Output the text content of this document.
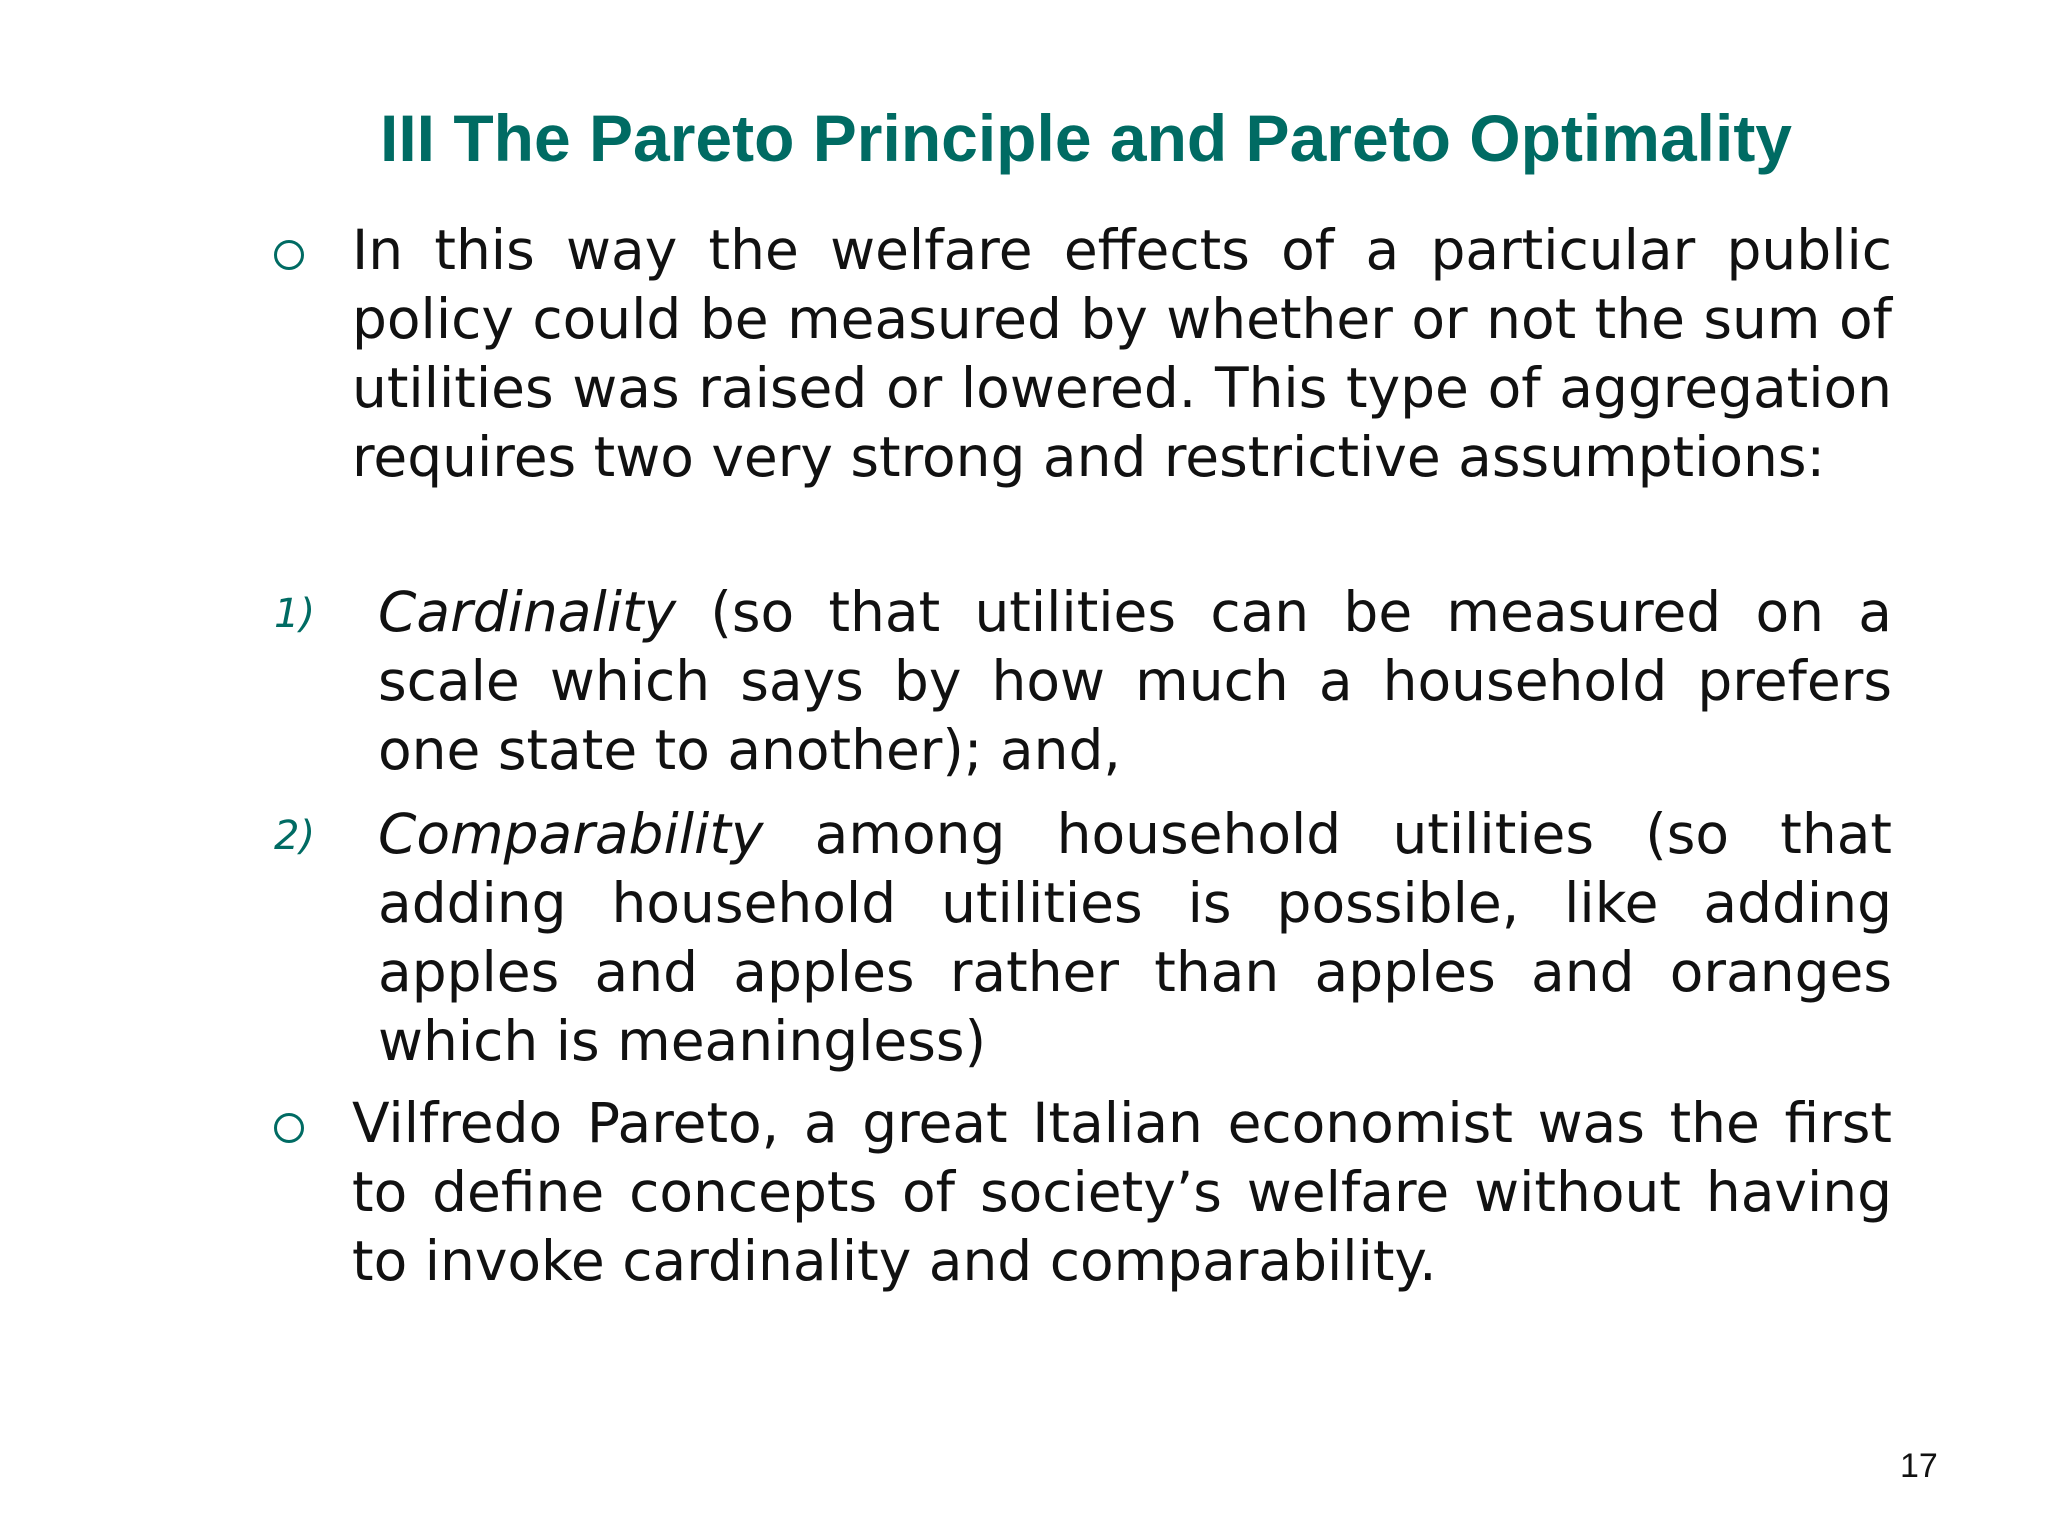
III The Pareto Principle and Pareto Optimality

In this way the welfare effects of a particular public policy could be measured by whether or not the sum of utilities was raised or lowered. This type of aggregation requires two very strong and restrictive assumptions:

1) Cardinality (so that utilities can be measured on a scale which says by how much a household prefers one state to another); and,

2) Comparability among household utilities (so that adding household utilities is possible, like adding apples and apples rather than apples and oranges which is meaningless)

Vilfredo Pareto, a great Italian economist was the first to define concepts of society’s welfare without having to invoke cardinality and comparability.

17
